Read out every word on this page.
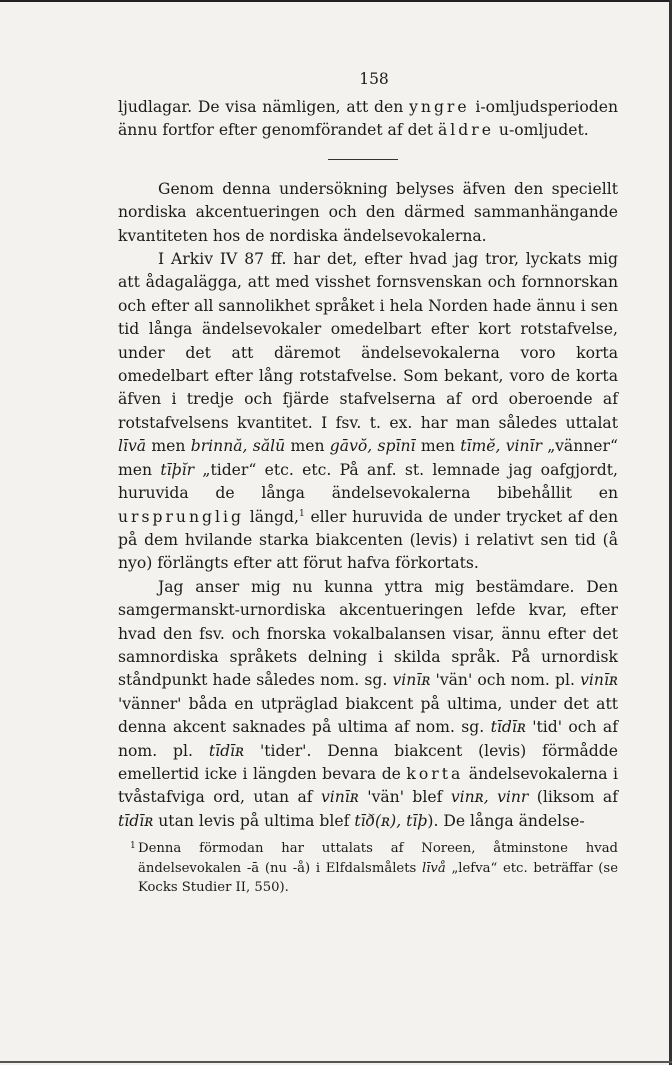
158

ljudlagar. De visa nämligen, att den yngre i-omljudsperioden ännu fortfor efter genomförandet af det äldre u-omljudet.

Genom denna undersökning belyses äfven den speciellt nordiska akcentueringen och den därmed sammanhängande kvantiteten hos de nordiska ändelsevokalerna.

I Arkiv IV 87 ff. har det, efter hvad jag tror, lyckats mig att ådagalägga, att med visshet fornsvenskan och fornnorskan och efter all sannolikhet språket i hela Norden hade ännu i sen tid långa ändelsevokaler omedelbart efter kort rotstafvelse, under det att däremot ändelsevokalerna voro korta omedelbart efter lång rotstafvelse. Som bekant, voro de korta äfven i tredje och fjärde stafvelserna af ord oberoende af rotstafvelsens kvantitet. I fsv. t. ex. har man således uttalat līvā men brinnă, sălū men gāvŏ, spīnī men tīmĕ, vinīr „vänner“ men tīþĭr „tider“ etc. etc. På anf. st. lemnade jag oafgjordt, huruvida de långa ändelsevokalerna bibehållit en ursprunglig längd,$^1$ eller huruvida de under trycket af den på dem hvilande starka biakcenten (levis) i relativt sen tid (å nyo) förlängts efter att förut hafva förkortats.

Jag anser mig nu kunna yttra mig bestämdare. Den samgermanskt-urnordiska akcentueringen lefde kvar, efter hvad den fsv. och fnorska vokalbalansen visar, ännu efter det samnordiska språkets delning i skilda språk. På urnordisk ståndpunkt hade således nom. sg. vinīʀ 'vän' och nom. pl. vinīʀ 'vänner' båda en utpräglad biakcent på ultima, under det att denna akcent saknades på ultima af nom. sg. tīdīʀ 'tid' och af nom. pl. tīdīʀ 'tider'. Denna biakcent (levis) förmådde emellertid icke i längden bevara de korta ändelsevokalerna i tvåstafviga ord, utan af vinīʀ 'vän' blef vinʀ, vinr (liksom af tīdīʀ utan levis på ultima blef tīð(ʀ), tīþ). De långa ändelse-

1 Denna förmodan har uttalats af Noreen, åtminstone hvad ändelsevokalen -ā (nu -å) i Elfdalsmålets līvå „lefva“ etc. beträffar (se Kocks Studier II, 550).
